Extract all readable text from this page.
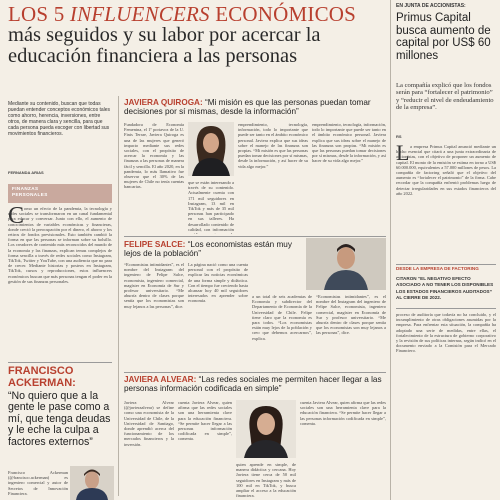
LOS 5 INFLUENCERS ECONÓMICOS
más seguidos y su labor por acercar la
educación financiera a las personas
Mediante su contenido, buscan que todas puedan entender conceptos económicos tales como ahorro, herencia, inversiones, entre otros, de manera clara y sencilla, para que cada persona pueda escoger con libertad sus movimientos financieros.
FERNANDA ARIAS
FINANZAS
PERSONALES
C omo un efecto de la pandemia, la tecnología y redes sociales se transformaron en un canal fundamental para educar y conversar. Junto con ello, el aumento de conocimientos de variables económicas y financieras, donde creció la preocupación por el dinero, el ahorro y los retiros de fondos previsionales. Esto también cambió la forma en que las personas se informan sobre su bolsillo. Los creadores de contenido más reconocidos del mundo de la economía y las finanzas, explican temas complejos de forma sencilla a través de redes sociales como Instagram, TikTok, Twitter y YouTube, con una audiencia que no para de crecer. Mediante historias y posteos en Instagram, TikTok, cursos y reproducciones, estos influencers económicos buscan que más personas tengan el poder en la gestión de sus finanzas personales.
FRANCISCO ACKERMAN:
“No quiero que a la gente le pase como a mí, que tenga deudas y le eche la culpa a factores externos”
Francisco Ackerman (@francisco.ackerman) es ingeniero comercial y autor de Secretos de Innovación Financiera.
JAVIERA QUIROGA: “Mi misión es que las personas puedan tomar decisiones por sí mismas, desde la información”
Fundadora de Economía Femenina, el 1º portavoz de la U. Finis Terrae, Javiera Quiroga es una de las mujeres que generó impacto mediante sus redes sociales, con el propósito de acercar la economía y las finanzas a las personas de manera fácil y sencilla. El año 2020, en la pandemia, lo más llamativo fue observar que el 30% de las mujeres de Chile no tenía cuentas bancarias.
que se están interesando a través de su contenido. Actualmente cuenta con 171 mil seguidores en Instagram, 13 mil en TikTok y más de 35 mil personas han participado en sus talleres. Ha desarrollado contenido de calidad, con información
emprendimiento, tecnología, información, todo lo importante que puede ser tanto en el ámbito económico personal. Javiera explica que sus ideas sobre el manejo de las finanzas son propias. “Mi misión es que las personas puedan tomar decisiones por sí mismas, desde la información, y así hacer de su vida algo mejor.”
emprendimiento, tecnología, información, todo lo importante que puede ser tanto en el ámbito económico personal. Javiera explica que sus ideas sobre el manejo de las finanzas son propias. “Mi misión es que las personas puedan tomar decisiones por sí mismas, desde la información, y así hacer de su vida algo mejor.”
FELIPE SALCE: “Los economistas están muy lejos de la población”
“Economistas intimidantes”, es el nombre del Instagram del ingeniero de Felipe Salce, economista, ingeniero comercial, magíster en Economía de Sur y profesor universitario. “Me aburría dentro de clases porque sentía que los economistas son muy lejanos a las personas”, dice.
La página nació como una cuenta personal con el propósito de explicar las noticias económicas de una forma simple y didáctica. Con el tiempo fue creciendo hasta alcanzar hoy 40 mil seguidores interesados en aprender sobre economía.
a un total de seis academias de Economía y subdirector del Departamento de Economía de la Universidad de Chile. Felipe tiene claro que la economía es para todos. “Los economistas están muy lejos de la población y creo que debemos acercarnos”, explica.
“Economistas intimidantes”, es el nombre del Instagram del ingeniero de Felipe Salce, economista, ingeniero comercial, magíster en Economía de Sur y profesor universitario. “Me aburría dentro de clases porque sentía que los economistas son muy lejanos a las personas”, dice.
JAVIERA ALVEAR: “Las redes sociales me permiten hacer llegar a las personas información codificada en simple”
Javiera Alvear (@javieraalvear) se define como una economista de la Universidad de Chile, de la Universidad de Santiago, donde aprendió acerca del funcionamiento de los mercados financieros y la inversión.
cuenta Javiera Alvear, quien afirma que las redes sociales son una herramienta clave para la educación financiera. “Se permite hacer llegar a las personas información codificada en simple”, comenta.
quien aprende en simple, de manera didáctica y cercana. Hoy Javiera tiene cerca de 50 mil seguidores en Instagram y más de 100 mil en TikTok, y busca ampliar el acceso a la educación financiera.
cuenta Javiera Alvear, quien afirma que las redes sociales son una herramienta clave para la educación financiera. “Se permite hacer llegar a las personas información codificada en simple”, comenta.
EN JUNTA DE ACCIONISTAS:
Primus Capital busca aumento de capital por US$ 60 millones
La compañía explicó que los fondos serán para “fortalecer el patrimonio” y “reducir el nivel de endeudamiento de la empresa”.
RS
L a empresa Primus Capital anunció mediante un hecho esencial que citará a una junta extraordinaria de accionistas, con el objetivo de proponer un aumento de capital. El monto de la emisión se estima en torno a US$ 60.000.000, equivalentes a 57.000 millones de pesos. La compañía de factoring señaló que el objetivo del aumento es “fortalecer el patrimonio” de la firma. Cabe recordar que la compañía enfrentó problemas luego de detectar irregularidades en sus estados financieros del año 2022.
DESDE LA EMPRESA DE FACTORING
CITARON “EL NEGATIVO EFECTO ASOCIADO A NO TENER LOS DISPONIBLES LOS ESTADOS FINANCIEROS AUDITADOS” AL CIERRE DE 2022.
proceso de auditoría que todavía no ha concluido, y el incumplimiento de otras obligaciones asumidas por la empresa. Para enfrentar esta situación, la compañía ha adoptado una serie de medidas, entre ellas, el fortalecimiento de la estructura de gobierno corporativo y la revisión de sus políticas internas, según indicó en el documento enviado a la Comisión para el Mercado Financiero.
